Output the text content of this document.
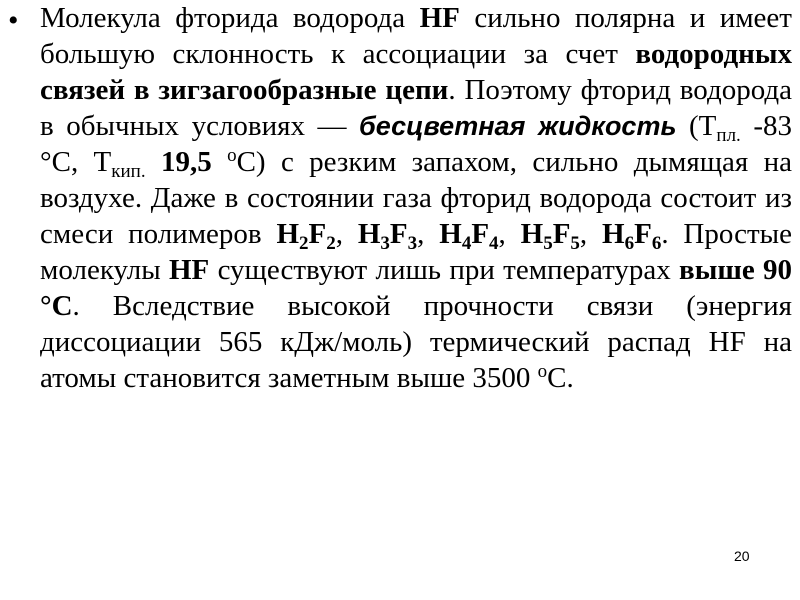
• Молекула фторида водорода HF сильно полярна и имеет большую склонность к ассоциации за счет водородных связей в зигзагообразные цепи. Поэтому фторид водорода в обычных условиях — бесцветная жидкость ($Т_{пл.}$ -83 °С, $Т_{кип.}$ 19,5 $^о$С) с резким запахом, сильно дымящая на воздухе. Даже в состоянии газа фторид водорода состоит из смеси полимеров $H_2F_2$, $H_3F_3$, $H_4F_4$, $H_5F_5$, $H_6F_6$. Простые молекулы HF существуют лишь при температурах выше 90 °С. Вследствие высокой прочности связи (энергия диссоциации 565 кДж/моль) термический распад HF на атомы становится заметным выше 3500 $^о$С.
20
